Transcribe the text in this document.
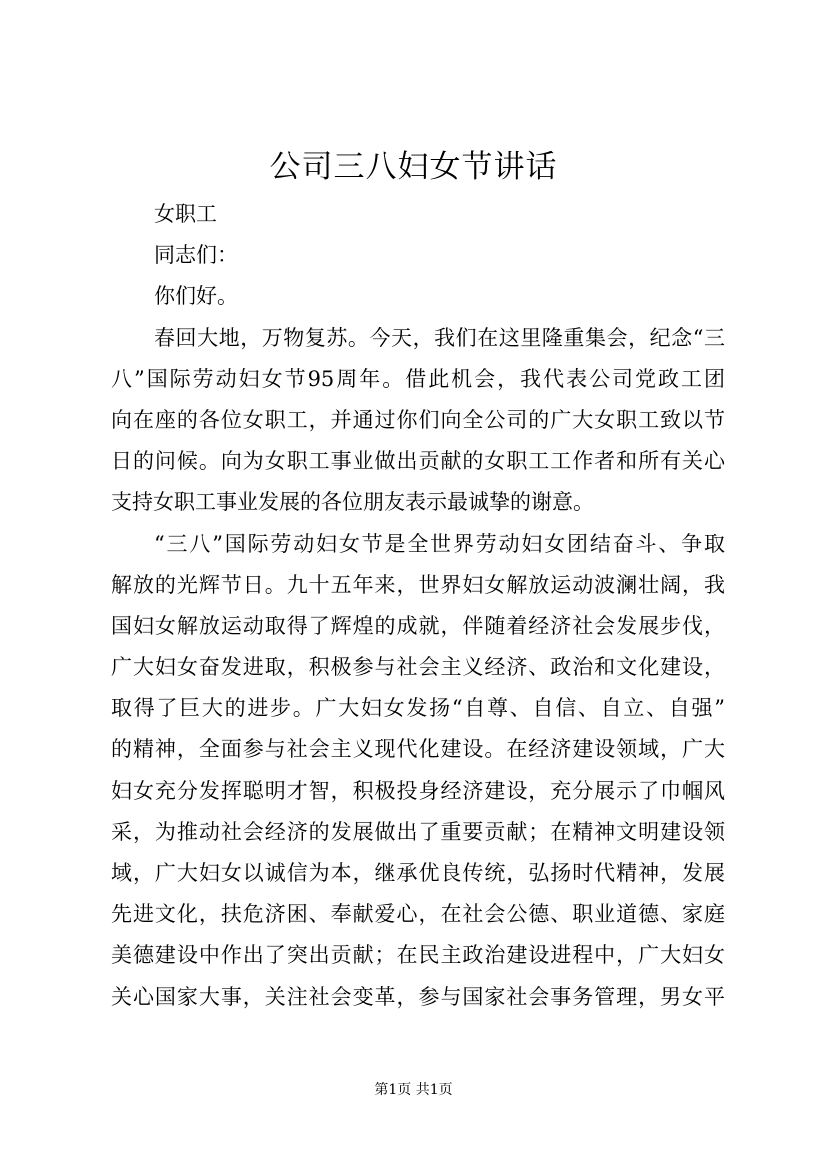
公司三八妇女节讲话
女职工
同志们：
你们好。
春回大地，万物复苏。今天，我们在这里隆重集会，纪念“三
八”国际劳动妇女节95周年。借此机会，我代表公司党政工团
向在座的各位女职工，并通过你们向全公司的广大女职工致以节
日的问候。向为女职工事业做出贡献的女职工工作者和所有关心
支持女职工事业发展的各位朋友表示最诚挚的谢意。
“三八”国际劳动妇女节是全世界劳动妇女团结奋斗、争取
解放的光辉节日。九十五年来，世界妇女解放运动波澜壮阔，我
国妇女解放运动取得了辉煌的成就，伴随着经济社会发展步伐，
广大妇女奋发进取，积极参与社会主义经济、政治和文化建设，
取得了巨大的进步。广大妇女发扬“自尊、自信、自立、自强”
的精神，全面参与社会主义现代化建设。在经济建设领域，广大
妇女充分发挥聪明才智，积极投身经济建设，充分展示了巾帼风
采，为推动社会经济的发展做出了重要贡献；在精神文明建设领
域，广大妇女以诚信为本，继承优良传统，弘扬时代精神，发展
先进文化，扶危济困、奉献爱心，在社会公德、职业道德、家庭
美德建设中作出了突出贡献；在民主政治建设进程中，广大妇女
关心国家大事，关注社会变革，参与国家社会事务管理，男女平
第1页 共1页
